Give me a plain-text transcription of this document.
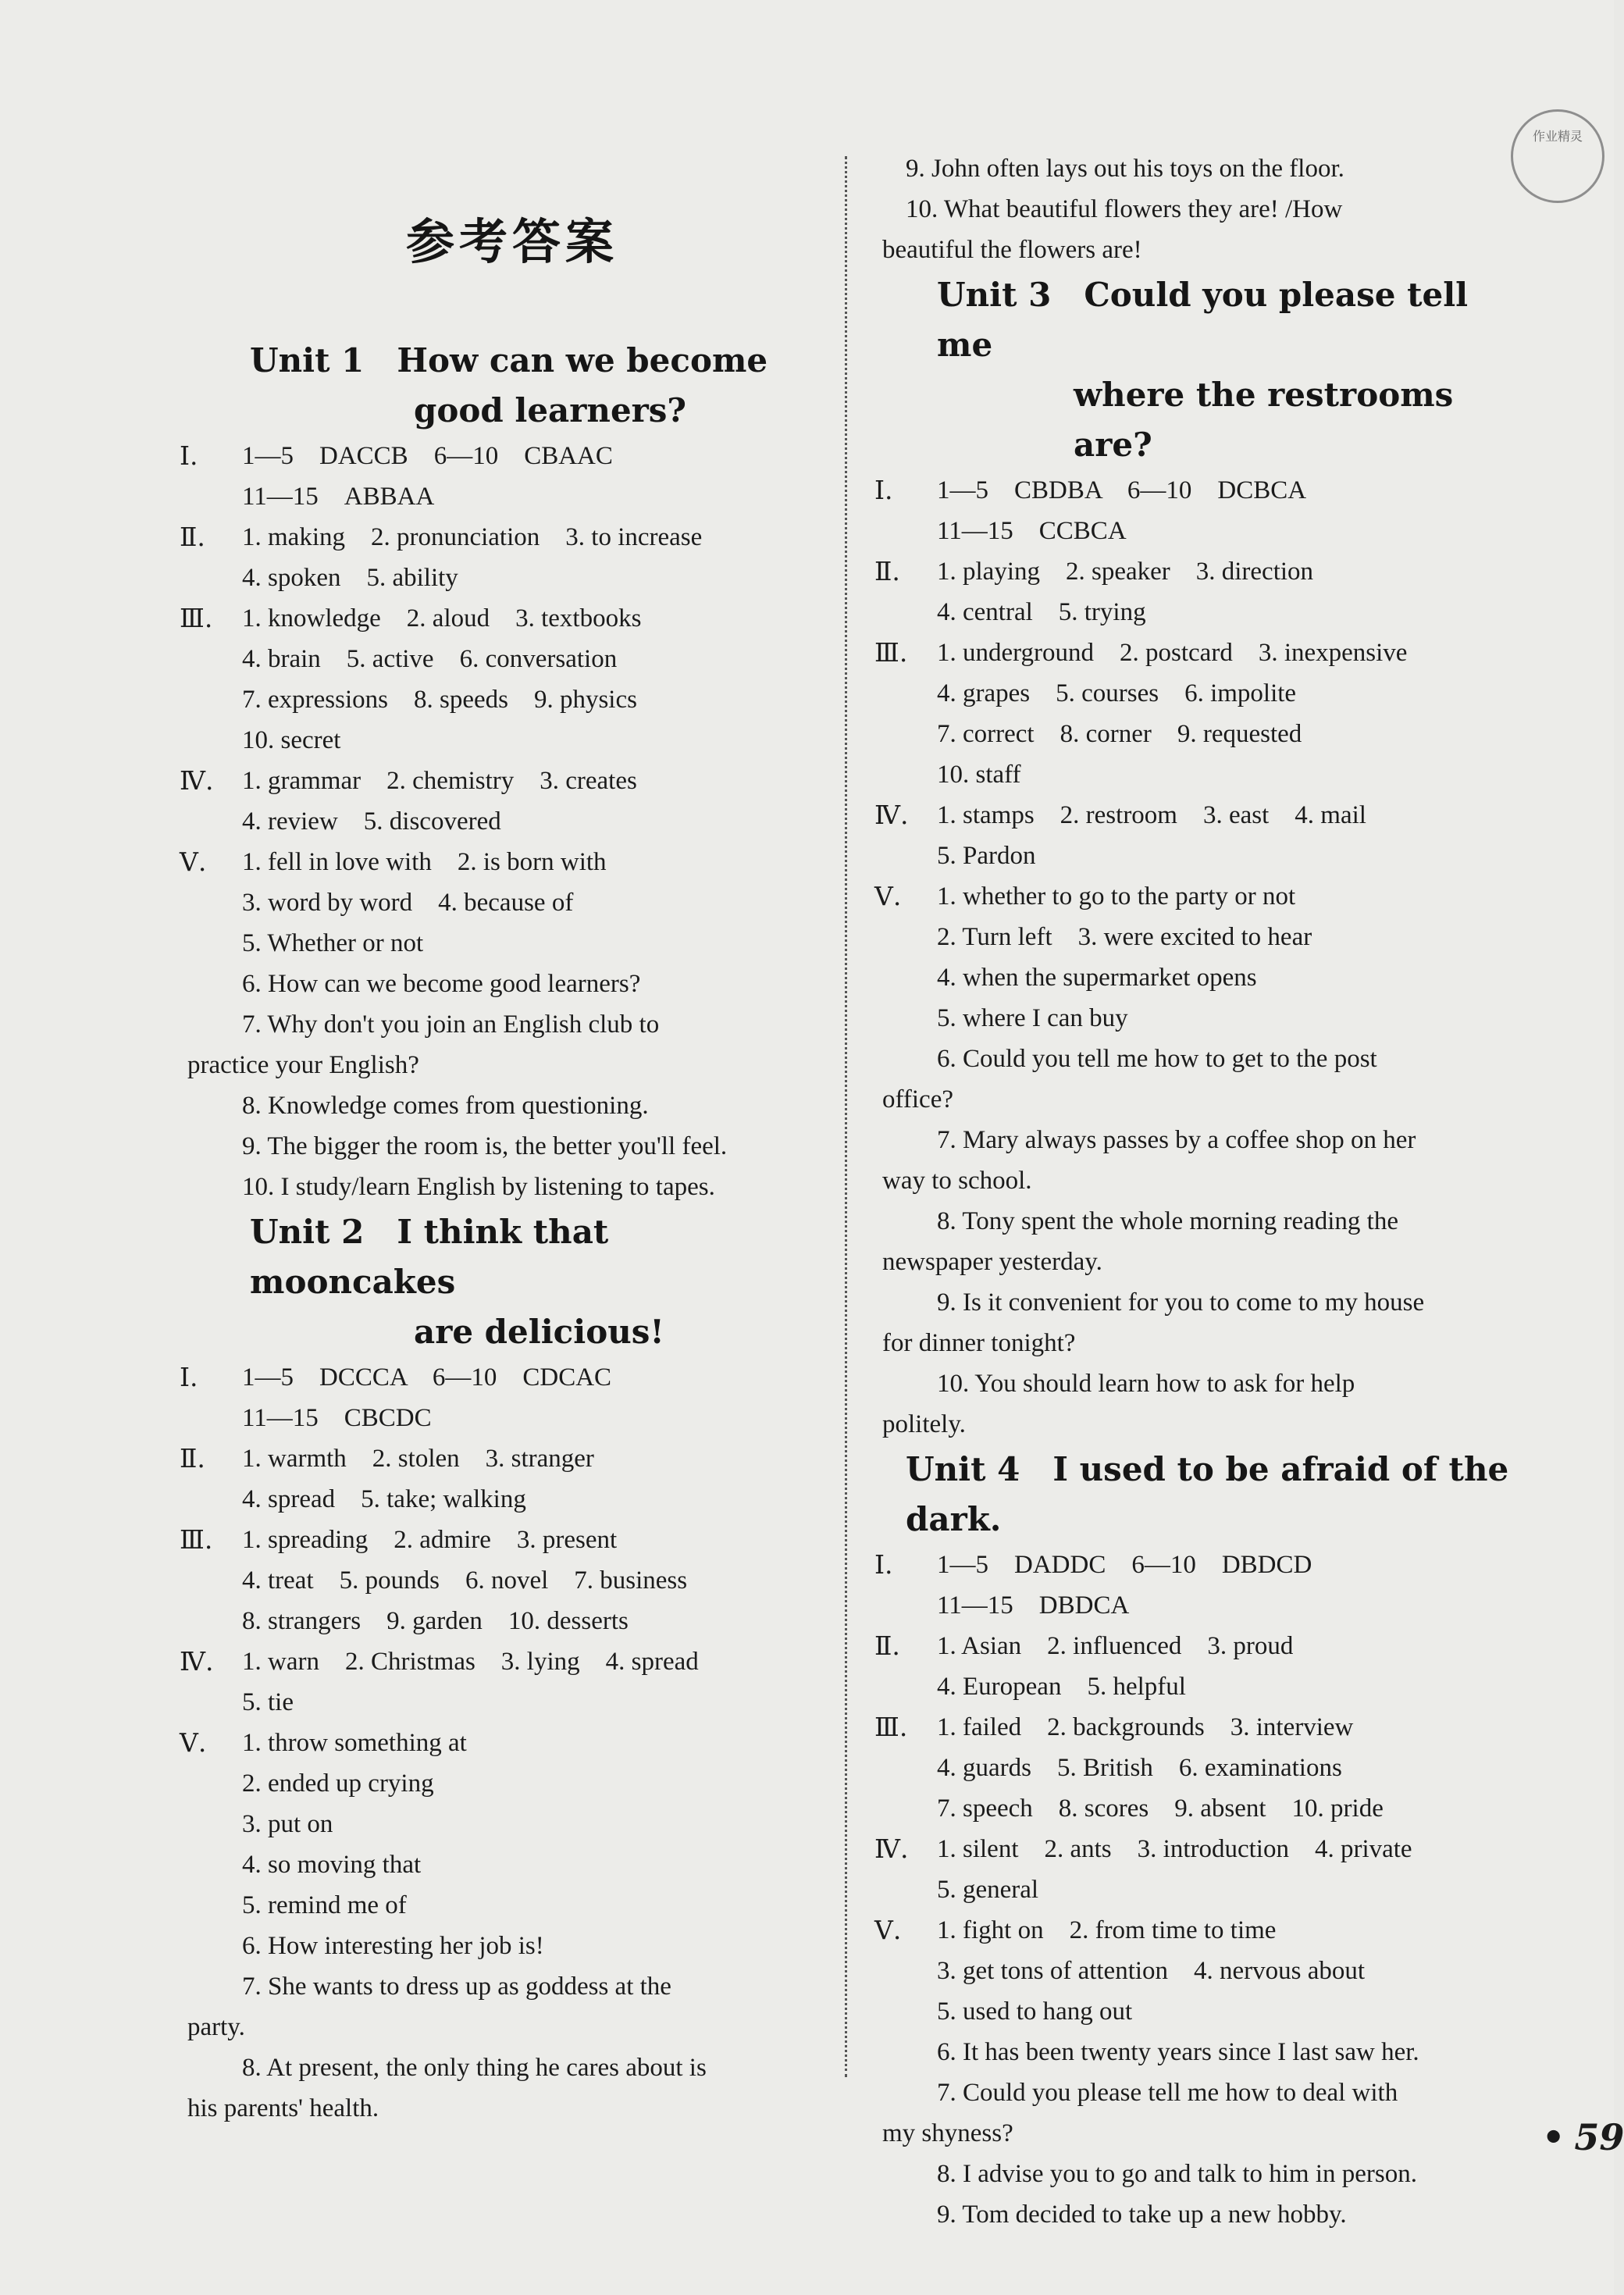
参考答案
作业精灵
Unit 1　How can we become
good learners?
Ⅰ.	1—5　DACCB　6—10　CBAAC
11—15　ABBAA
Ⅱ.	1. making　2. pronunciation　3. to increase
4. spoken　5. ability
Ⅲ.	1. knowledge　2. aloud　3. textbooks
4. brain　5. active　6. conversation
7. expressions　8. speeds　9. physics
10. secret
Ⅳ.	1. grammar　2. chemistry　3. creates
4. review　5. discovered
Ⅴ.	1. fell in love with　2. is born with
3. word by word　4. because of
5. Whether or not
6. How can we become good learners?
7. Why don't you join an English club to
practice your English?
8. Knowledge comes from questioning.
9. The bigger the room is, the better you'll feel.
10. I study/learn English by listening to tapes.
Unit 2　I think that mooncakes
are delicious!
Ⅰ.	1—5　DCCCA　6—10　CDCAC
11—15　CBCDC
Ⅱ.	1. warmth　2. stolen　3. stranger
4. spread　5. take; walking
Ⅲ.	1. spreading　2. admire　3. present
4. treat　5. pounds　6. novel　7. business
8. strangers　9. garden　10. desserts
Ⅳ.	1. warn　2. Christmas　3. lying　4. spread
5. tie
Ⅴ.	1. throw something at
2. ended up crying
3. put on
4. so moving that
5. remind me of
6. How interesting her job is!
7. She wants to dress up as goddess at the
party.
8. At present, the only thing he cares about is
his parents' health.
9. John often lays out his toys on the floor.
10. What beautiful flowers they are! /How
beautiful the flowers are!
Unit 3　Could you please tell me
where the restrooms are?
Ⅰ.	1—5　CBDBA　6—10　DCBCA
11—15　CCBCA
Ⅱ.	1. playing　2. speaker　3. direction
4. central　5. trying
Ⅲ.	1. underground　2. postcard　3. inexpensive
4. grapes　5. courses　6. impolite
7. correct　8. corner　9. requested
10. staff
Ⅳ.	1. stamps　2. restroom　3. east　4. mail
5. Pardon
Ⅴ.	1. whether to go to the party or not
2. Turn left　3. were excited to hear
4. when the supermarket opens
5. where I can buy
6. Could you tell me how to get to the post
office?
7. Mary always passes by a coffee shop on her
way to school.
8. Tony spent the whole morning reading the
newspaper yesterday.
9. Is it convenient for you to come to my house
for dinner tonight?
10. You should learn how to ask for help
politely.
Unit 4　I used to be afraid of the dark.
Ⅰ.	1—5　DADDC　6—10　DBDCD
11—15　DBDCA
Ⅱ.	1. Asian　2. influenced　3. proud
4. European　5. helpful
Ⅲ.	1. failed　2. backgrounds　3. interview
4. guards　5. British　6. examinations
7. speech　8. scores　9. absent　10. pride
Ⅳ.	1. silent　2. ants　3. introduction　4. private
5. general
Ⅴ.	1. fight on　2. from time to time
3. get tons of attention　4. nervous about
5. used to hang out
6. It has been twenty years since I last saw her.
7. Could you please tell me how to deal with
my shyness?
8. I advise you to go and talk to him in person.
9. Tom decided to take up a new hobby.
• 59
